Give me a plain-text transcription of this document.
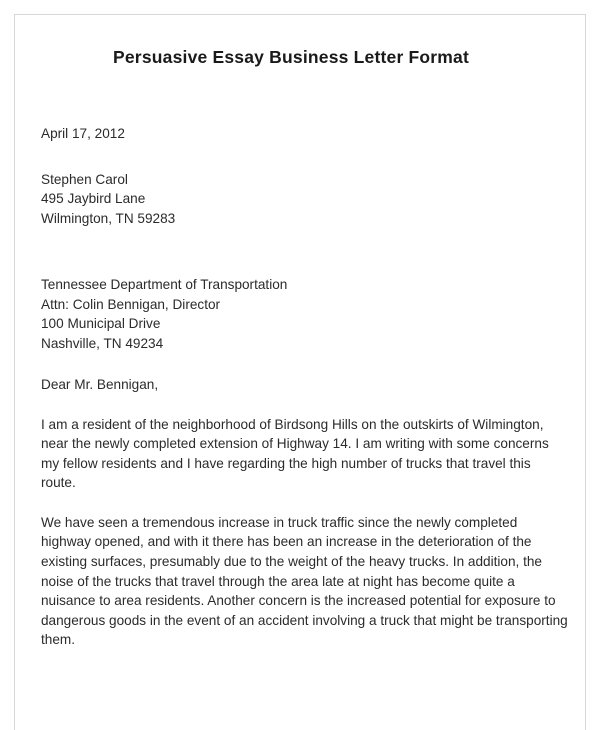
Persuasive Essay Business Letter Format
April 17, 2012
Stephen Carol
495 Jaybird Lane
Wilmington, TN 59283
Tennessee Department of Transportation
Attn: Colin Bennigan, Director
100 Municipal Drive
Nashville, TN 49234
Dear Mr. Bennigan,

I am a resident of the neighborhood of Birdsong Hills on the outskirts of Wilmington, near the newly completed extension of Highway 14. I am writing with some concerns my fellow residents and I have regarding the high number of trucks that travel this route.

We have seen a tremendous increase in truck traffic since the newly completed highway opened, and with it there has been an increase in the deterioration of the existing surfaces, presumably due to the weight of the heavy trucks. In addition, the noise of the trucks that travel through the area late at night has become quite a nuisance to area residents. Another concern is the increased potential for exposure to dangerous goods in the event of an accident involving a truck that might be transporting them.
